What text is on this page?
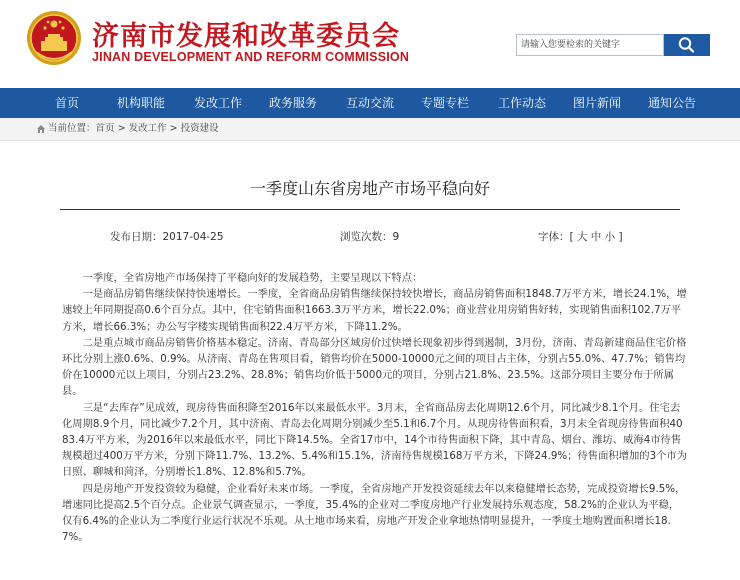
济南市发展和改革委员会
JINAN DEVELOPMENT AND REFORM COMMISSION
请输入您要检索的关键字
首页	机构职能 发改工作 政务服务 互动交流 专题专栏 工作动态 图片新闻 通知公告
当前位置：首页 > 发改工作 > 投资建设
一季度山东省房地产市场平稳向好
发布日期：2017-04-25	浏览次数：9	字体：[ 大 中 小 ]

一季度，全省房地产市场保持了平稳向好的发展趋势，主要呈现以下特点：

一是商品房销售继续保持快速增长。一季度，全省商品房销售继续保持较快增长，商品房销售面积1848.7万平方米，增长24.1%，增速较上年同期提高0.6个百分点。其中，住宅销售面积1663.3万平方米，增长22.0%；商业营业用房销售好转，实现销售面积102.7万平方米，增长66.3%；办公写字楼实现销售面积22.4万平方米，下降11.2%。

二是重点城市商品房销售价格基本稳定。济南、青岛部分区域房价过快增长现象初步得到遏制，3月份，济南、青岛新建商品住宅价格环比分别上涨0.6%、0.9%。从济南、青岛在售项目看，销售均价在5000-10000元之间的项目占主体，分别占55.0%、47.7%；销售均价在10000元以上项目，分别占23.2%、28.8%；销售均价低于5000元的项目，分别占21.8%、23.5%。这部分项目主要分布于所属县。

三是“去库存”见成效，现房待售面积降至2016年以来最低水平。3月末，全省商品房去化周期12.6个月，同比减少8.1个月。住宅去化周期8.9个月，同比减少7.2个月，其中济南、青岛去化周期分别减少至5.1和6.7个月。从现房待售面积看，3月末全省现房待售面积4083.4万平方米，为2016年以来最低水平，同比下降14.5%。全省17市中，14个市待售面积下降，其中青岛、烟台、潍坊、威海4市待售规模超过400万平方米，分别下降11.7%、13.2%、5.4%和15.1%，济南待售规模168万平方米，下降24.9%；待售面积增加的3个市为日照、聊城和菏泽，分别增长1.8%、12.8%和5.7%。

四是房地产开发投资较为稳健，企业看好未来市场。一季度，全省房地产开发投资延续去年以来稳健增长态势，完成投资增长9.5%，增速同比提高2.5个百分点。企业景气调查显示，一季度，35.4%的企业对二季度房地产行业发展持乐观态度，58.2%的企业认为平稳，仅有6.4%的企业认为二季度行业运行状况不乐观。从土地市场来看，房地产开发企业拿地热情明显提升，一季度土地购置面积增长18.7%。
